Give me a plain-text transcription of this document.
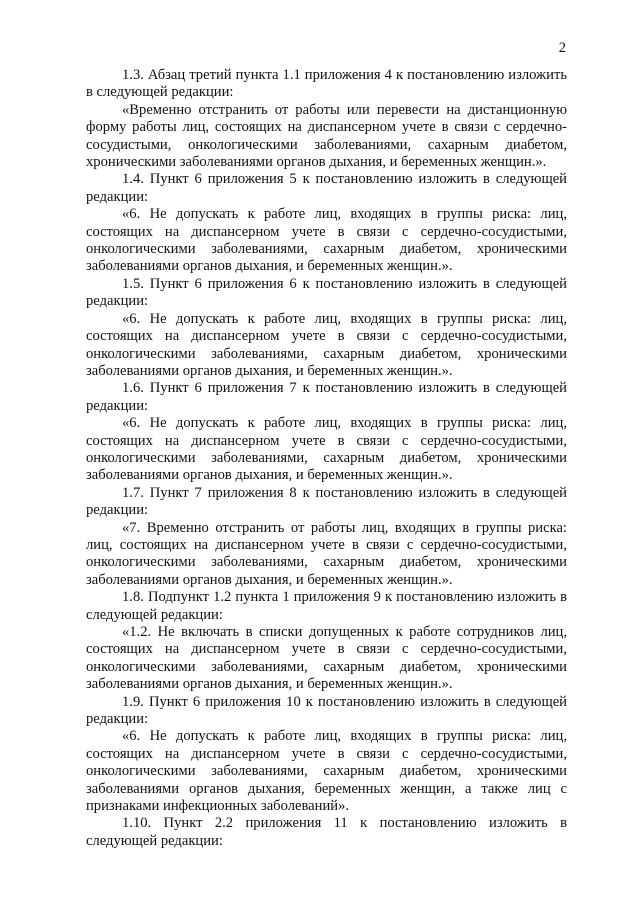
2

1.3. Абзац третий пункта 1.1 приложения 4 к постановлению изложить в следующей редакции:

«Временно отстранить от работы или перевести на дистанционную форму работы лиц, состоящих на диспансерном учете в связи с сердечно-сосудистыми, онкологическими заболеваниями, сахарным диабетом, хроническими заболеваниями органов дыхания, и беременных женщин.».

1.4. Пункт 6 приложения 5 к постановлению изложить в следующей редакции:

«6. Не допускать к работе лиц, входящих в группы риска: лиц, состоящих на диспансерном учете в связи с сердечно-сосудистыми, онкологическими заболеваниями, сахарным диабетом, хроническими заболеваниями органов дыхания, и беременных женщин.».

1.5. Пункт 6 приложения 6 к постановлению изложить в следующей редакции:

«6. Не допускать к работе лиц, входящих в группы риска: лиц, состоящих на диспансерном учете в связи с сердечно-сосудистыми, онкологическими заболеваниями, сахарным диабетом, хроническими заболеваниями органов дыхания, и беременных женщин.».

1.6. Пункт 6 приложения 7 к постановлению изложить в следующей редакции:

«6. Не допускать к работе лиц, входящих в группы риска: лиц, состоящих на диспансерном учете в связи с сердечно-сосудистыми, онкологическими заболеваниями, сахарным диабетом, хроническими заболеваниями органов дыхания, и беременных женщин.».

1.7. Пункт 7 приложения 8 к постановлению изложить в следующей редакции:

«7. Временно отстранить от работы лиц, входящих в группы риска: лиц, состоящих на диспансерном учете в связи с сердечно-сосудистыми, онкологическими заболеваниями, сахарным диабетом, хроническими заболеваниями органов дыхания, и беременных женщин.».

1.8. Подпункт 1.2 пункта 1 приложения 9 к постановлению изложить в следующей редакции:

«1.2. Не включать в списки допущенных к работе сотрудников лиц, состоящих на диспансерном учете в связи с сердечно-сосудистыми, онкологическими заболеваниями, сахарным диабетом, хроническими заболеваниями органов дыхания, и беременных женщин.».

1.9. Пункт 6 приложения 10 к постановлению изложить в следующей редакции:

«6. Не допускать к работе лиц, входящих в группы риска: лиц, состоящих на диспансерном учете в связи с сердечно-сосудистыми, онкологическими заболеваниями, сахарным диабетом, хроническими заболеваниями органов дыхания, беременных женщин, а также лиц с признаками инфекционных заболеваний».

1.10. Пункт 2.2 приложения 11 к постановлению изложить в следующей редакции:
